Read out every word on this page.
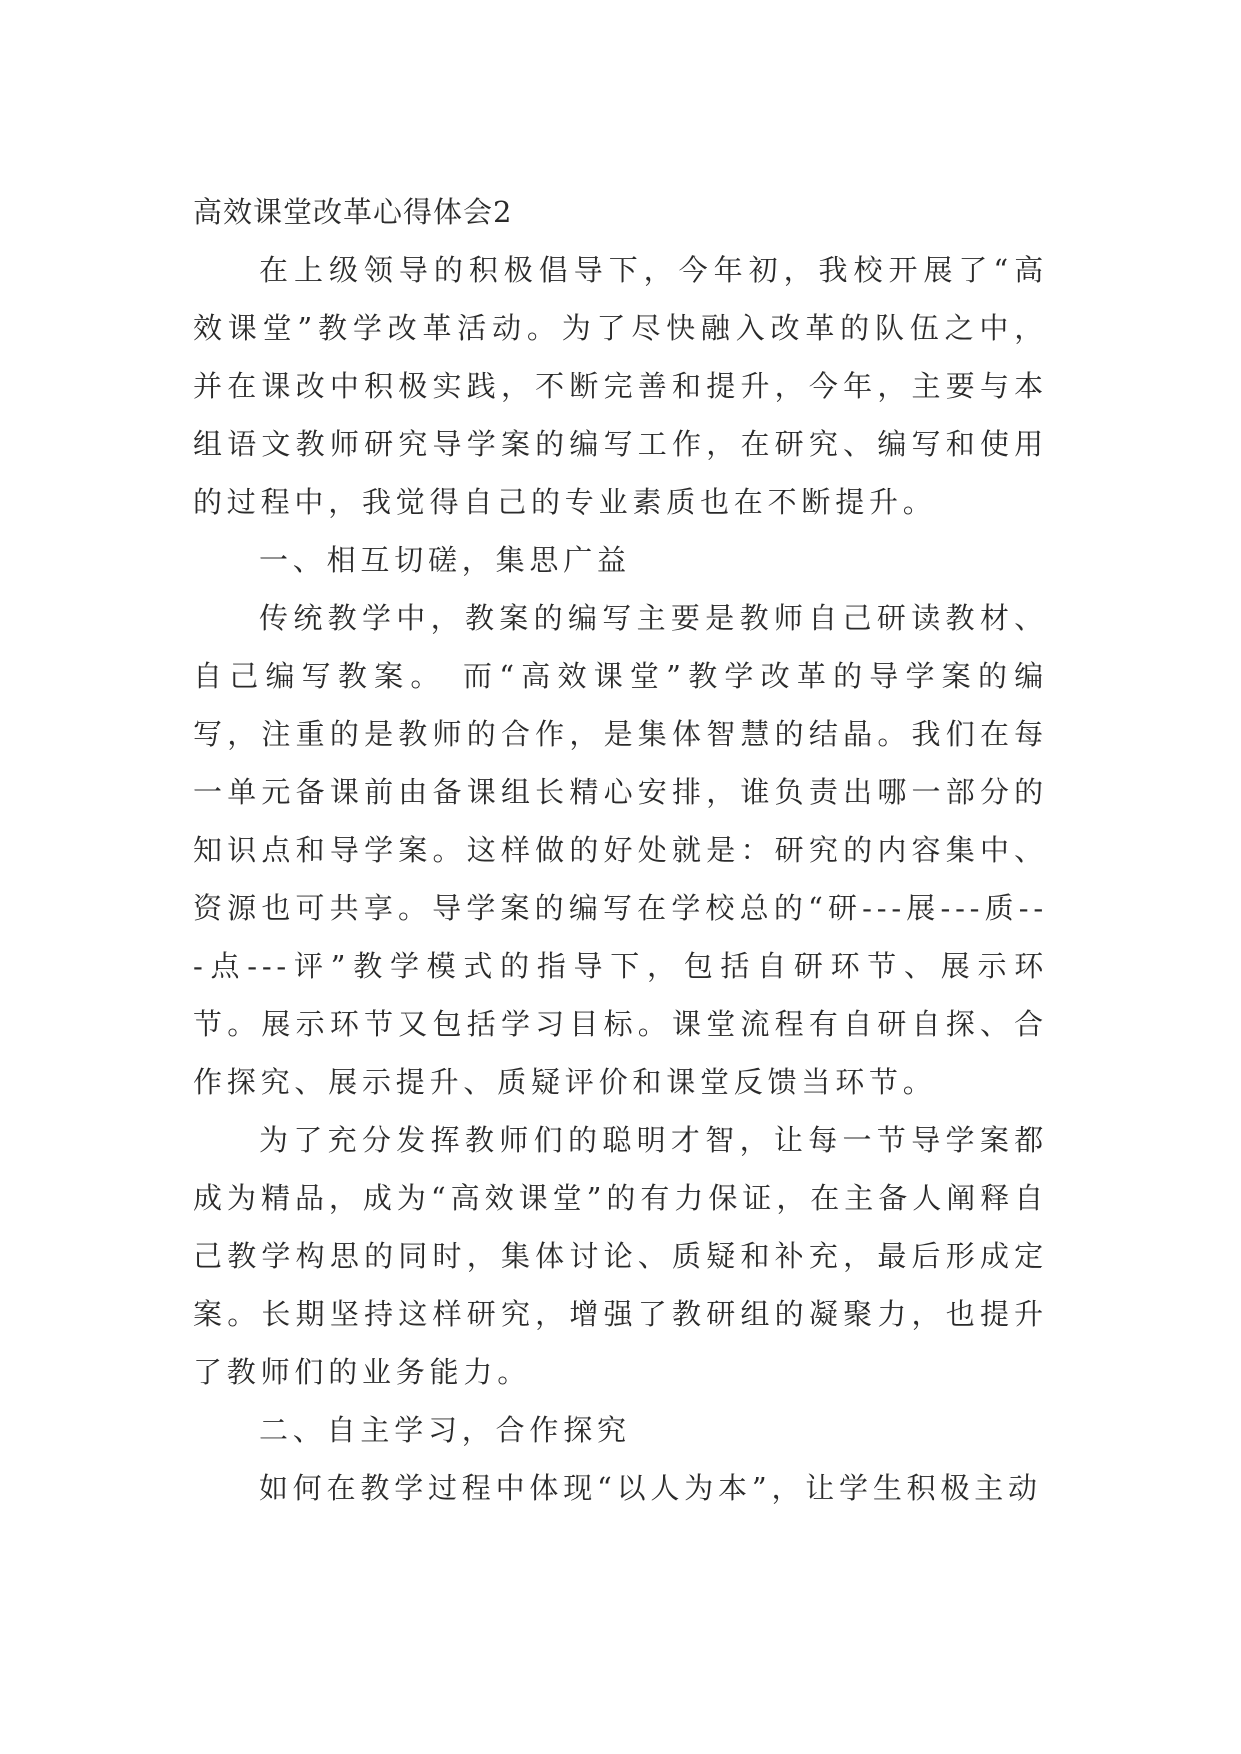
高效课堂改革心得体会2

在上级领导的积极倡导下，今年初，我校开展了“高效课堂”教学改革活动。为了尽快融入改革的队伍之中，并在课改中积极实践，不断完善和提升，今年，主要与本组语文教师研究导学案的编写工作，在研究、编写和使用的过程中，我觉得自己的专业素质也在不断提升。

一、相互切磋，集思广益

传统教学中，教案的编写主要是教师自己研读教材、自己编写教案。 而“高效课堂”教学改革的导学案的编写，注重的是教师的合作，是集体智慧的结晶。我们在每一单元备课前由备课组长精心安排，谁负责出哪一部分的知识点和导学案。这样做的好处就是：研究的内容集中、资源也可共享。导学案的编写在学校总的“研---展---质---点---评”教学模式的指导下，包括自研环节、展示环节。展示环节又包括学习目标。课堂流程有自研自探、合作探究、展示提升、质疑评价和课堂反馈当环节。

为了充分发挥教师们的聪明才智，让每一节导学案都成为精品，成为“高效课堂”的有力保证，在主备人阐释自己教学构思的同时，集体讨论、质疑和补充，最后形成定案。长期坚持这样研究，增强了教研组的凝聚力，也提升了教师们的业务能力。

二、自主学习，合作探究

如何在教学过程中体现“以人为本”，让学生积极主动
